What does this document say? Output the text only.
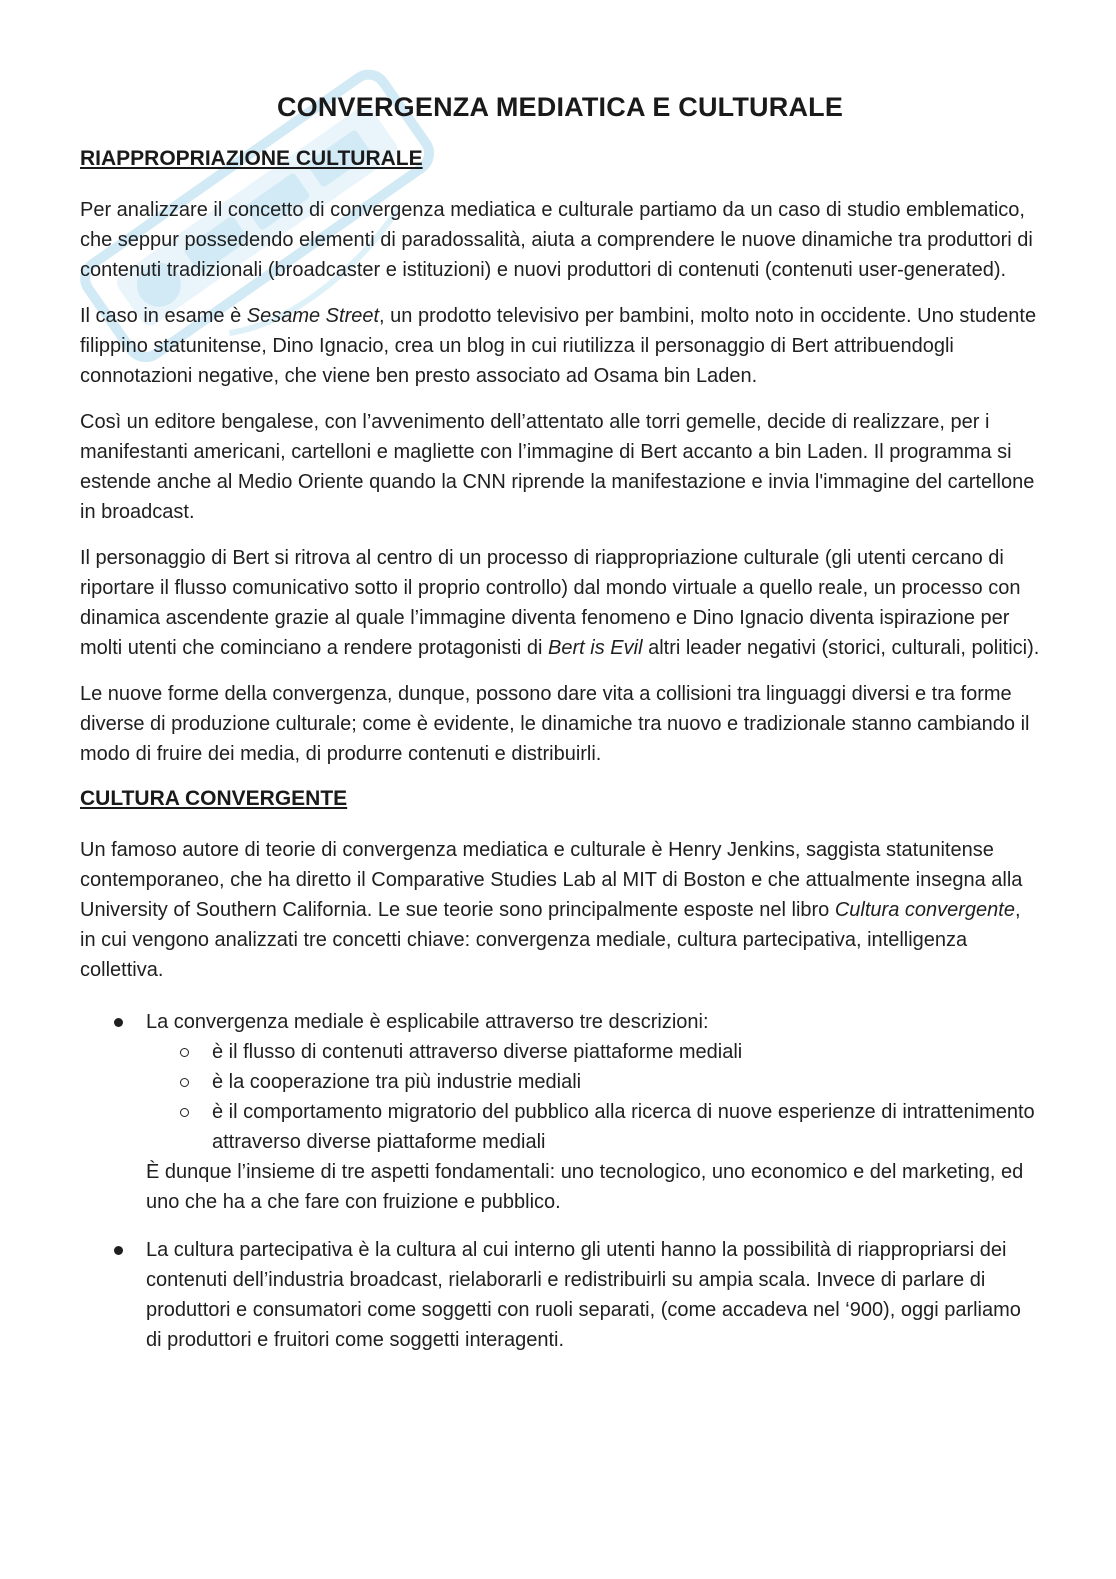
CONVERGENZA MEDIATICA E CULTURALE
RIAPPROPRIAZIONE CULTURALE

Per analizzare il concetto di convergenza mediatica e culturale partiamo da un caso di studio emblematico, che seppur possedendo elementi di paradossalità, aiuta a comprendere le nuove dinamiche tra produttori di contenuti tradizionali (broadcaster e istituzioni) e nuovi produttori di contenuti (contenuti user-generated).

Il caso in esame è Sesame Street, un prodotto televisivo per bambini, molto noto in occidente. Uno studente filippino statunitense, Dino Ignacio, crea un blog in cui riutilizza il personaggio di Bert attribuendogli connotazioni negative, che viene ben presto associato ad Osama bin Laden.

Così un editore bengalese, con l’avvenimento dell’attentato alle torri gemelle, decide di realizzare, per i manifestanti americani, cartelloni e magliette con l’immagine di Bert accanto a bin Laden. Il programma si estende anche al Medio Oriente quando la CNN riprende la manifestazione e invia l'immagine del cartellone in broadcast.

Il personaggio di Bert si ritrova al centro di un processo di riappropriazione culturale (gli utenti cercano di riportare il flusso comunicativo sotto il proprio controllo) dal mondo virtuale a quello reale, un processo con dinamica ascendente grazie al quale l’immagine diventa fenomeno e Dino Ignacio diventa ispirazione per molti utenti che cominciano a rendere protagonisti di Bert is Evil altri leader negativi (storici, culturali, politici).

Le nuove forme della convergenza, dunque, possono dare vita a collisioni tra linguaggi diversi e tra forme diverse di produzione culturale; come è evidente, le dinamiche tra nuovo e tradizionale stanno cambiando il modo di fruire dei media, di produrre contenuti e distribuirli.

CULTURA CONVERGENTE

Un famoso autore di teorie di convergenza mediatica e culturale è Henry Jenkins, saggista statunitense contemporaneo, che ha diretto il Comparative Studies Lab al MIT di Boston e che attualmente insegna alla University of Southern California. Le sue teorie sono principalmente esposte nel libro Cultura convergente, in cui vengono analizzati tre concetti chiave: convergenza mediale, cultura partecipativa, intelligenza collettiva.

La convergenza mediale è esplicabile attraverso tre descrizioni:
è il flusso di contenuti attraverso diverse piattaforme mediali
è la cooperazione tra più industrie mediali
è il comportamento migratorio del pubblico alla ricerca di nuove esperienze di intrattenimento attraverso diverse piattaforme mediali
È dunque l’insieme di tre aspetti fondamentali: uno tecnologico, uno economico e del marketing, ed uno che ha a che fare con fruizione e pubblico.
La cultura partecipativa è la cultura al cui interno gli utenti hanno la possibilità di riappropriarsi dei contenuti dell’industria broadcast, rielaborarli e redistribuirli su ampia scala. Invece di parlare di produttori e consumatori come soggetti con ruoli separati, (come accadeva nel ‘900), oggi parliamo di produttori e fruitori come soggetti interagenti.
